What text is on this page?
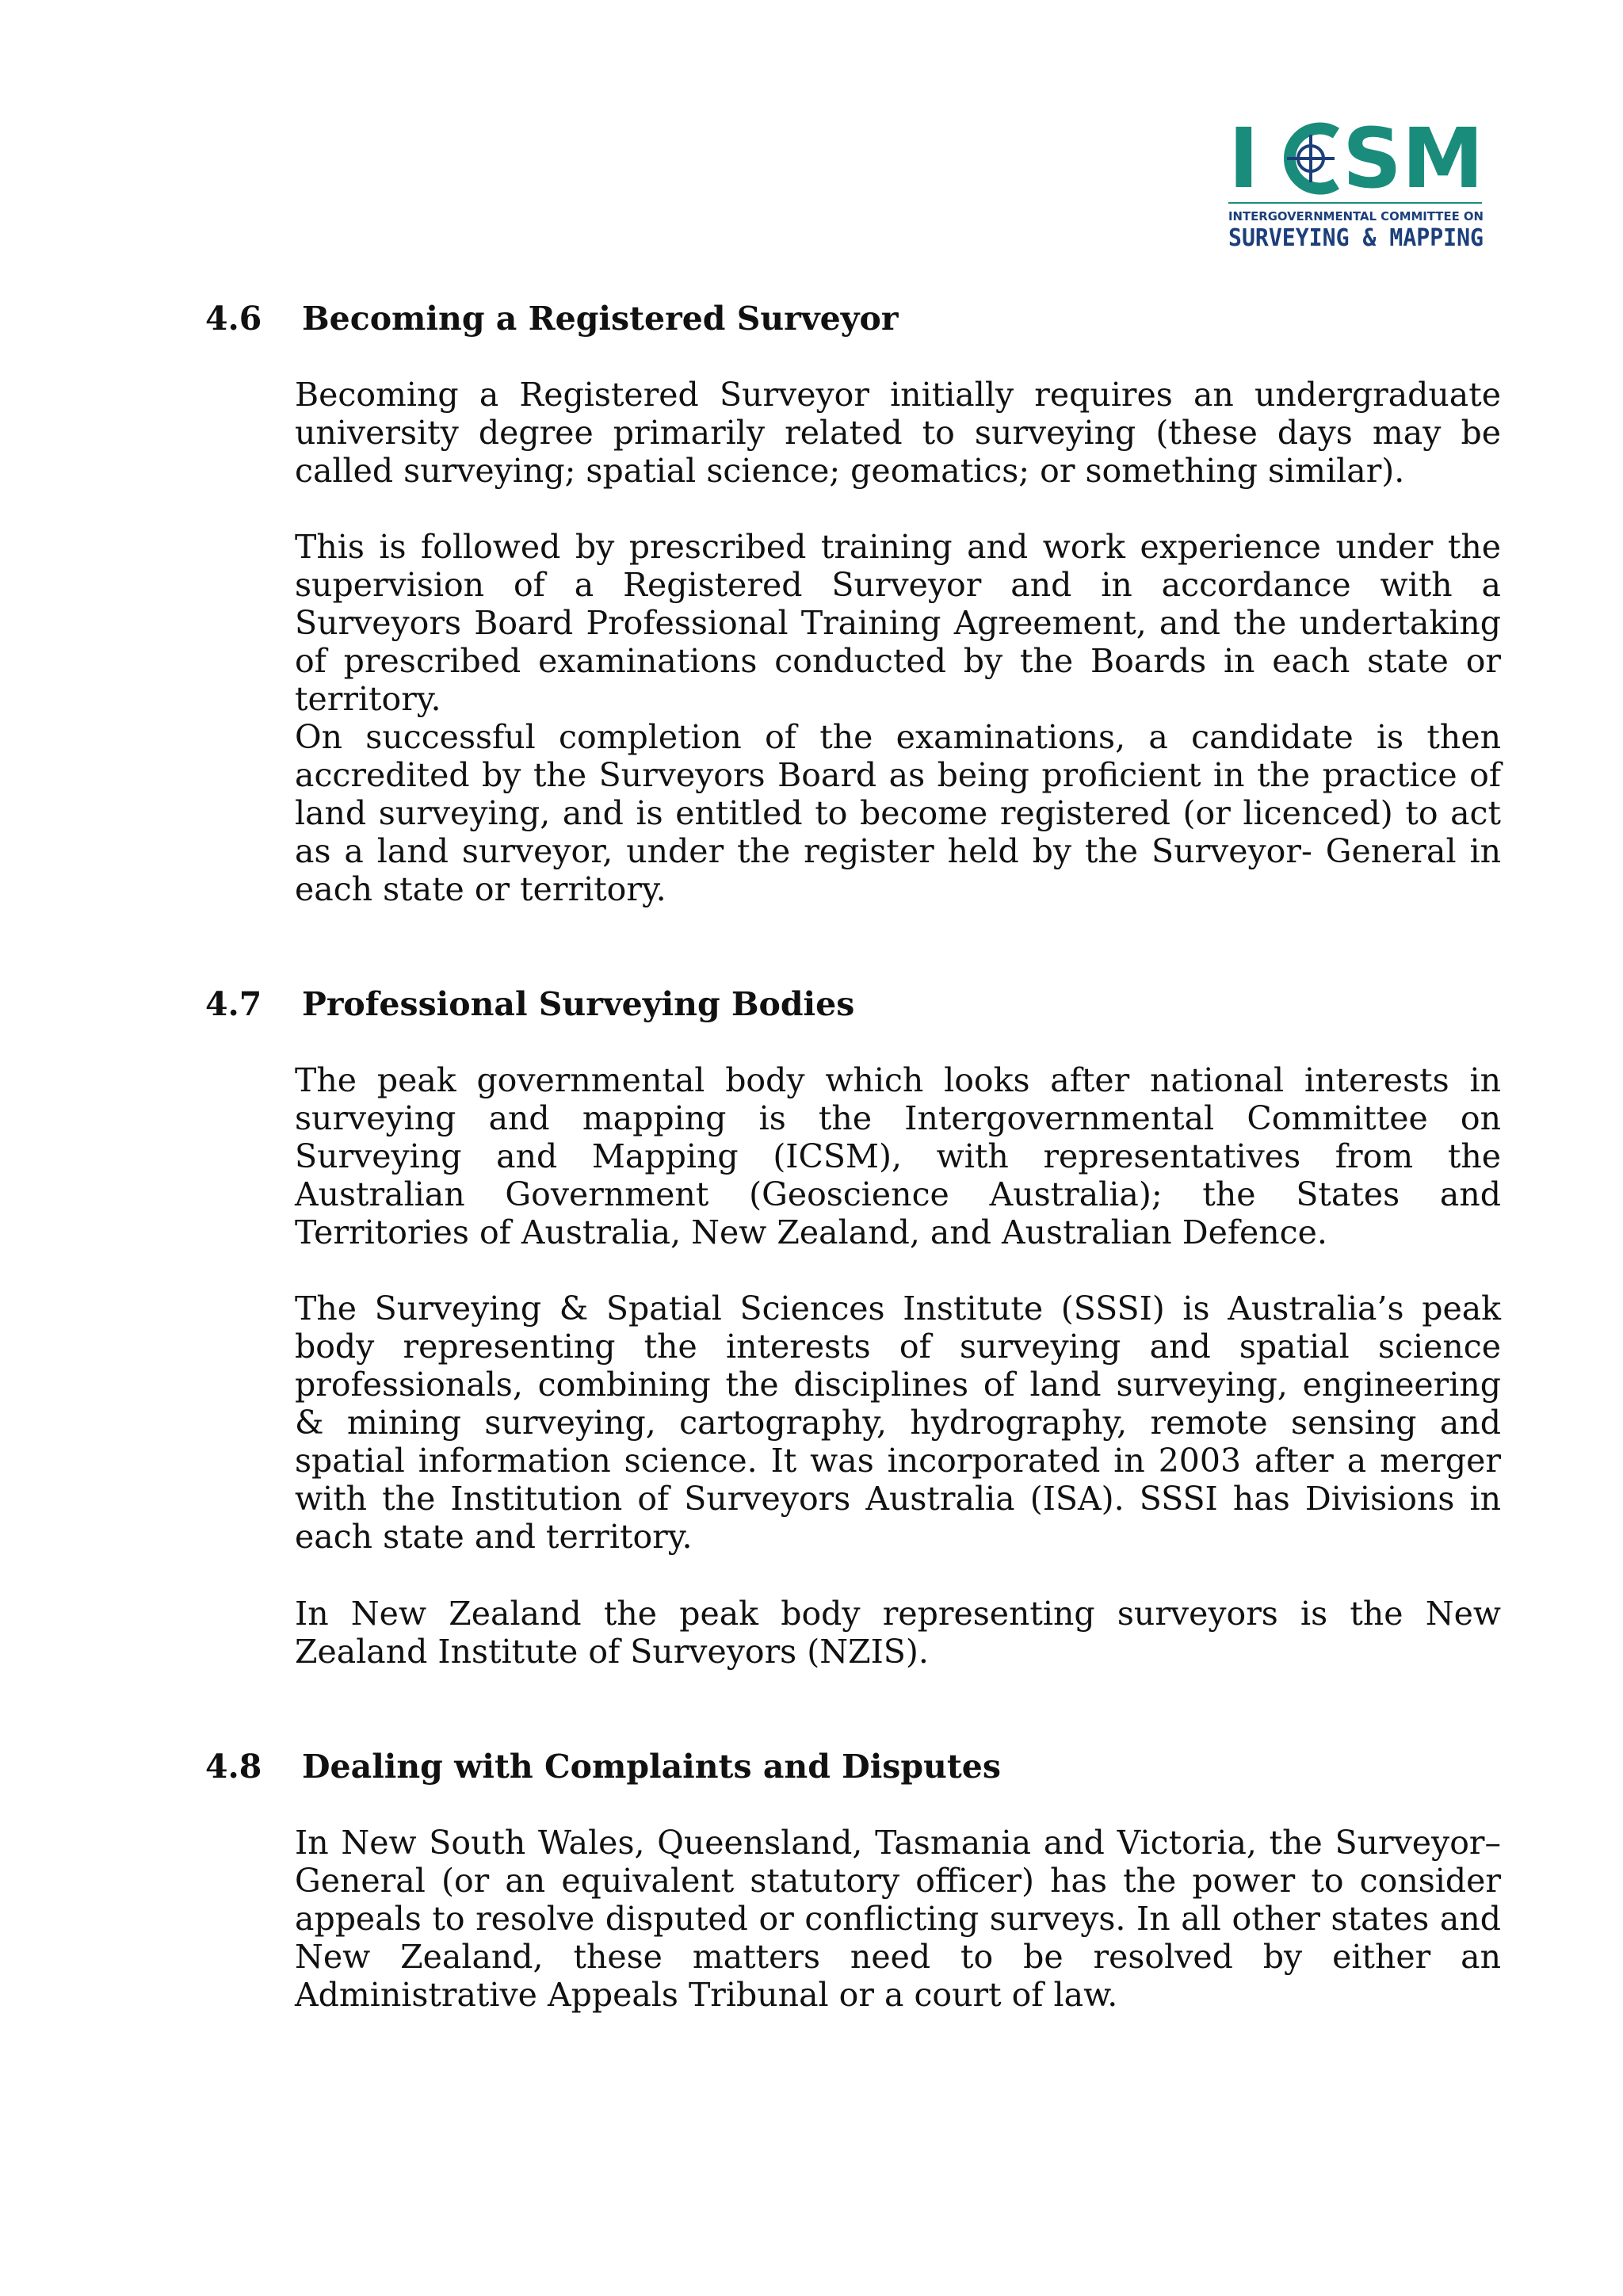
I SM
INTERGOVERNMENTAL COMMITTEE ON
SURVEYING & MAPPING
4.6 Becoming a Registered Surveyor

Becoming a Registered Surveyor initially requires an undergraduate university degree primarily related to surveying (these days may be called surveying; spatial science; geomatics; or something similar).

This is followed by prescribed training and work experience under the supervision of a Registered Surveyor and in accordance with a Surveyors Board Professional Training Agreement, and the undertaking of prescribed examinations conducted by the Boards in each state or territory.

On successful completion of the examinations, a candidate is then accredited by the Surveyors Board as being proficient in the practice of land surveying, and is entitled to become registered (or licenced) to act as a land surveyor, under the register held by the Surveyor- General in each state or territory.

4.7 Professional Surveying Bodies

The peak governmental body which looks after national interests in surveying and mapping is the Intergovernmental Committee on Surveying and Mapping (ICSM), with representatives from the Australian Government (Geoscience Australia); the States and Territories of Australia, New Zealand, and Australian Defence.

The Surveying & Spatial Sciences Institute (SSSI) is Australia’s peak body representing the interests of surveying and spatial science professionals, combining the disciplines of land surveying, engineering & mining surveying, cartography, hydrography, remote sensing and spatial information science. It was incorporated in 2003 after a merger with the Institution of Surveyors Australia (ISA). SSSI has Divisions in each state and territory.

In New Zealand the peak body representing surveyors is the New Zealand Institute of Surveyors (NZIS).

4.8 Dealing with Complaints and Disputes

In New South Wales, Queensland, Tasmania and Victoria, the Surveyor–General (or an equivalent statutory officer) has the power to consider appeals to resolve disputed or conflicting surveys. In all other states and New Zealand, these matters need to be resolved by either an Administrative Appeals Tribunal or a court of law.
